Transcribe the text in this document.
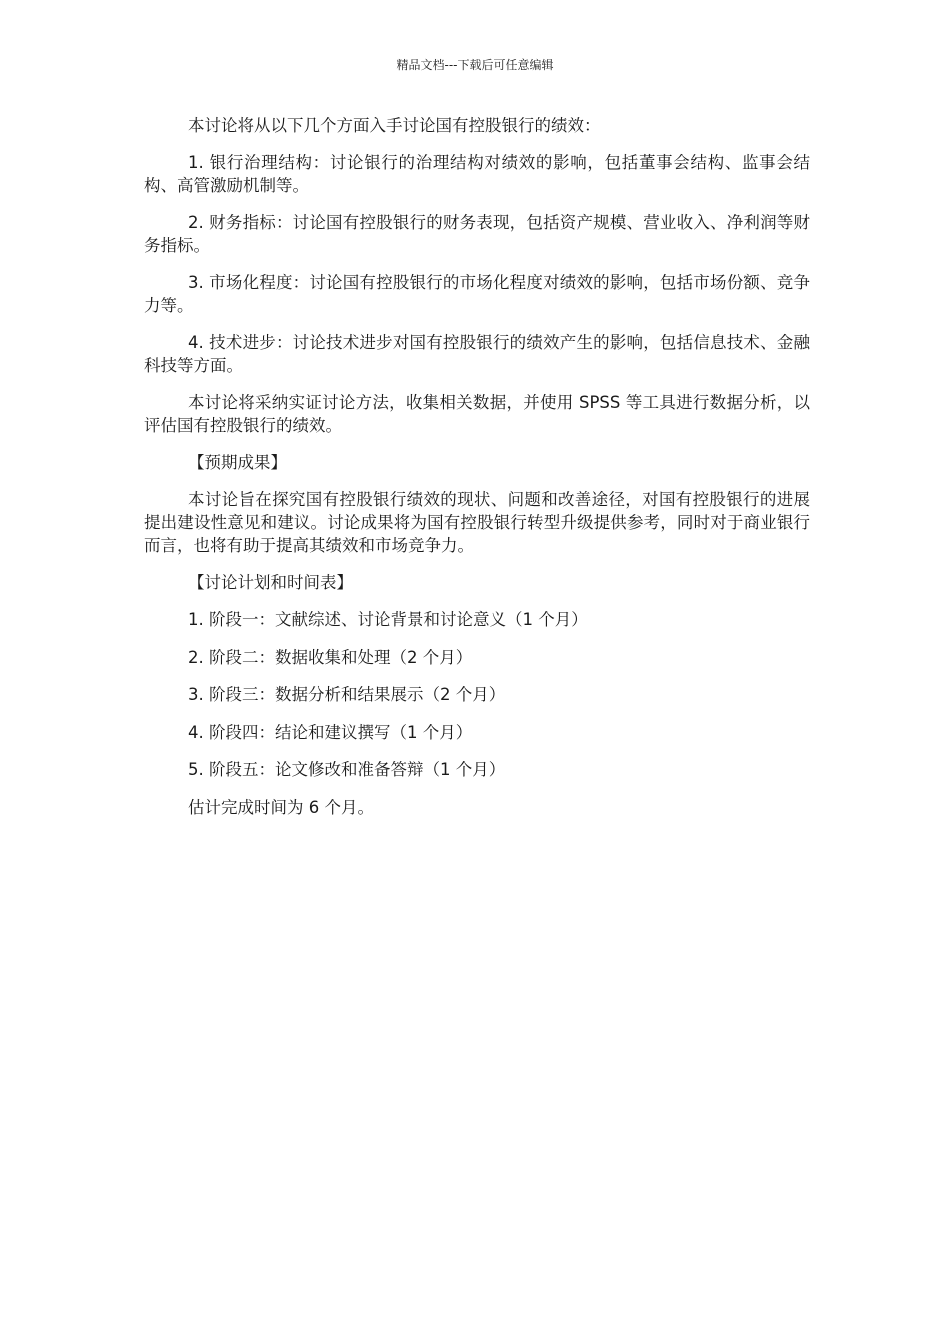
精品文档---下载后可任意编辑

本讨论将从以下几个方面入手讨论国有控股银行的绩效：

1. 银行治理结构：讨论银行的治理结构对绩效的影响，包括董事会结构、监事会结构、高管激励机制等。

2. 财务指标：讨论国有控股银行的财务表现，包括资产规模、营业收入、净利润等财务指标。

3. 市场化程度：讨论国有控股银行的市场化程度对绩效的影响，包括市场份额、竞争力等。

4. 技术进步：讨论技术进步对国有控股银行的绩效产生的影响，包括信息技术、金融科技等方面。

本讨论将采纳实证讨论方法，收集相关数据，并使用 SPSS 等工具进行数据分析，以评估国有控股银行的绩效。

【预期成果】

本讨论旨在探究国有控股银行绩效的现状、问题和改善途径，对国有控股银行的进展提出建设性意见和建议。讨论成果将为国有控股银行转型升级提供参考，同时对于商业银行而言，也将有助于提高其绩效和市场竞争力。

【讨论计划和时间表】

1. 阶段一：文献综述、讨论背景和讨论意义（1 个月）

2. 阶段二：数据收集和处理（2 个月）

3. 阶段三：数据分析和结果展示（2 个月）

4. 阶段四：结论和建议撰写（1 个月）

5. 阶段五：论文修改和准备答辩（1 个月）

估计完成时间为 6 个月。
